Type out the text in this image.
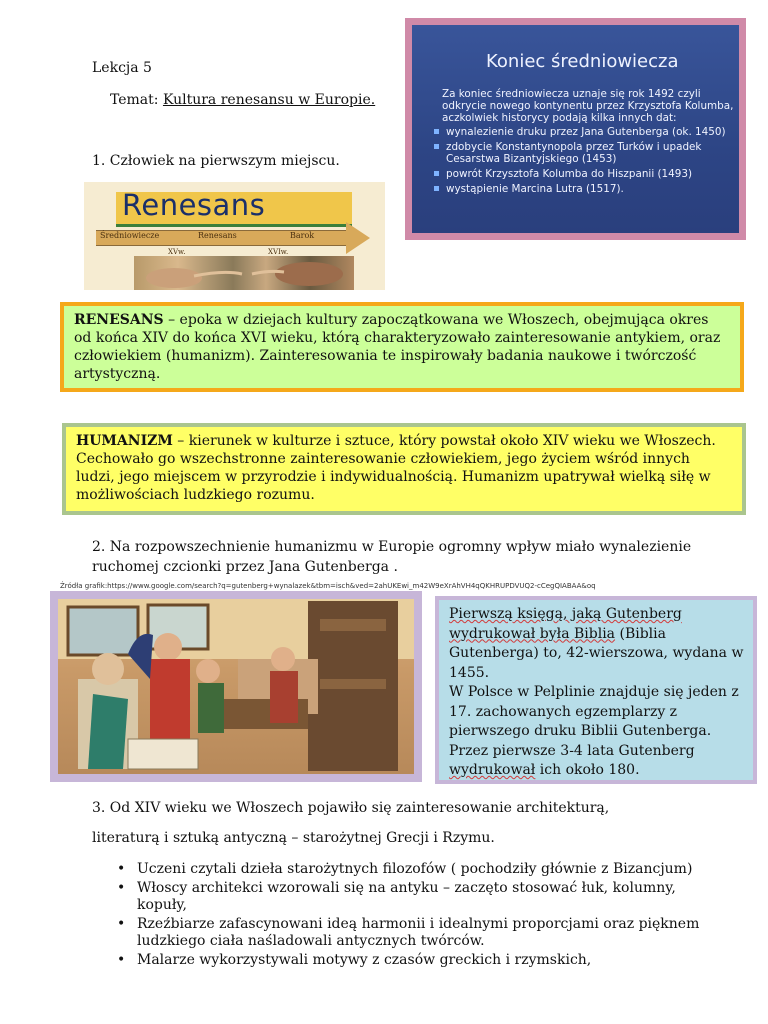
Lekcja 5
Temat: Kultura renesansu w Europie.
1. Człowiek na pierwszym miejscu.
Renesans
Średniowiecze	Renesans	Barok
XVw.	XVIw.
Koniec średniowiecza
Za koniec średniowiecza uznaje się rok 1492 czyli odkrycie nowego kontynentu przez Krzysztofa Kolumba, aczkolwiek historycy podają kilka innych dat:
wynalezienie druku przez Jana Gutenberga (ok. 1450)
zdobycie Konstantynopola przez Turków i upadek Cesarstwa Bizantyjskiego (1453)
powrót Krzysztofa Kolumba do Hiszpanii (1493)
wystąpienie Marcina Lutra (1517).
RENESANS – epoka w dziejach kultury zapoczątkowana we Włoszech, obejmująca okres od końca XIV do końca XVI wieku, którą charakteryzowało zainteresowanie antykiem, oraz człowiekiem (humanizm). Zainteresowania te inspirowały badania naukowe i twórczość artystyczną.
HUMANIZM – kierunek w kulturze i sztuce, który powstał około XIV wieku we Włoszech. Cechowało go wszechstronne zainteresowanie człowiekiem, jego życiem wśród innych ludzi, jego miejscem w przyrodzie i indywidualnością. Humanizm upatrywał wielką siłę w możliwościach ludzkiego rozumu.
2. Na rozpowszechnienie humanizmu w Europie ogromny wpływ miało wynalezienie ruchomej czcionki przez Jana Gutenberga .
Źródła grafik:https://www.google.com/search?q=gutenberg+wynalazek&tbm=isch&ved=2ahUKEwi_m42W9eXrAhVH4qQKHRUPDVUQ2-cCegQIABAA&oq
Pierwszą księgą, jaką Gutenberg wydrukował była Biblia (Biblia Gutenberga) to, 42-wierszowa, wydana w 1455.
W Polsce w Pelplinie znajduje się jeden z 17. zachowanych egzemplarzy z pierwszego druku Biblii Gutenberga.
Przez pierwsze 3-4 lata Gutenberg wydrukował ich około 180.
3. Od XIV wieku we Włoszech pojawiło się zainteresowanie architekturą,
literaturą i sztuką antyczną – starożytnej Grecji i Rzymu.
• Uczeni czytali dzieła starożytnych filozofów ( pochodziły głównie z Bizancjum)
• Włoscy architekci wzorowali się na antyku – zaczęto stosować łuk, kolumny, kopuły,
• Rzeźbiarze zafascynowani ideą harmonii i idealnymi proporcjami oraz pięknem ludzkiego ciała naśladowali antycznych twórców.
• Malarze wykorzystywali motywy z czasów greckich i rzymskich,
